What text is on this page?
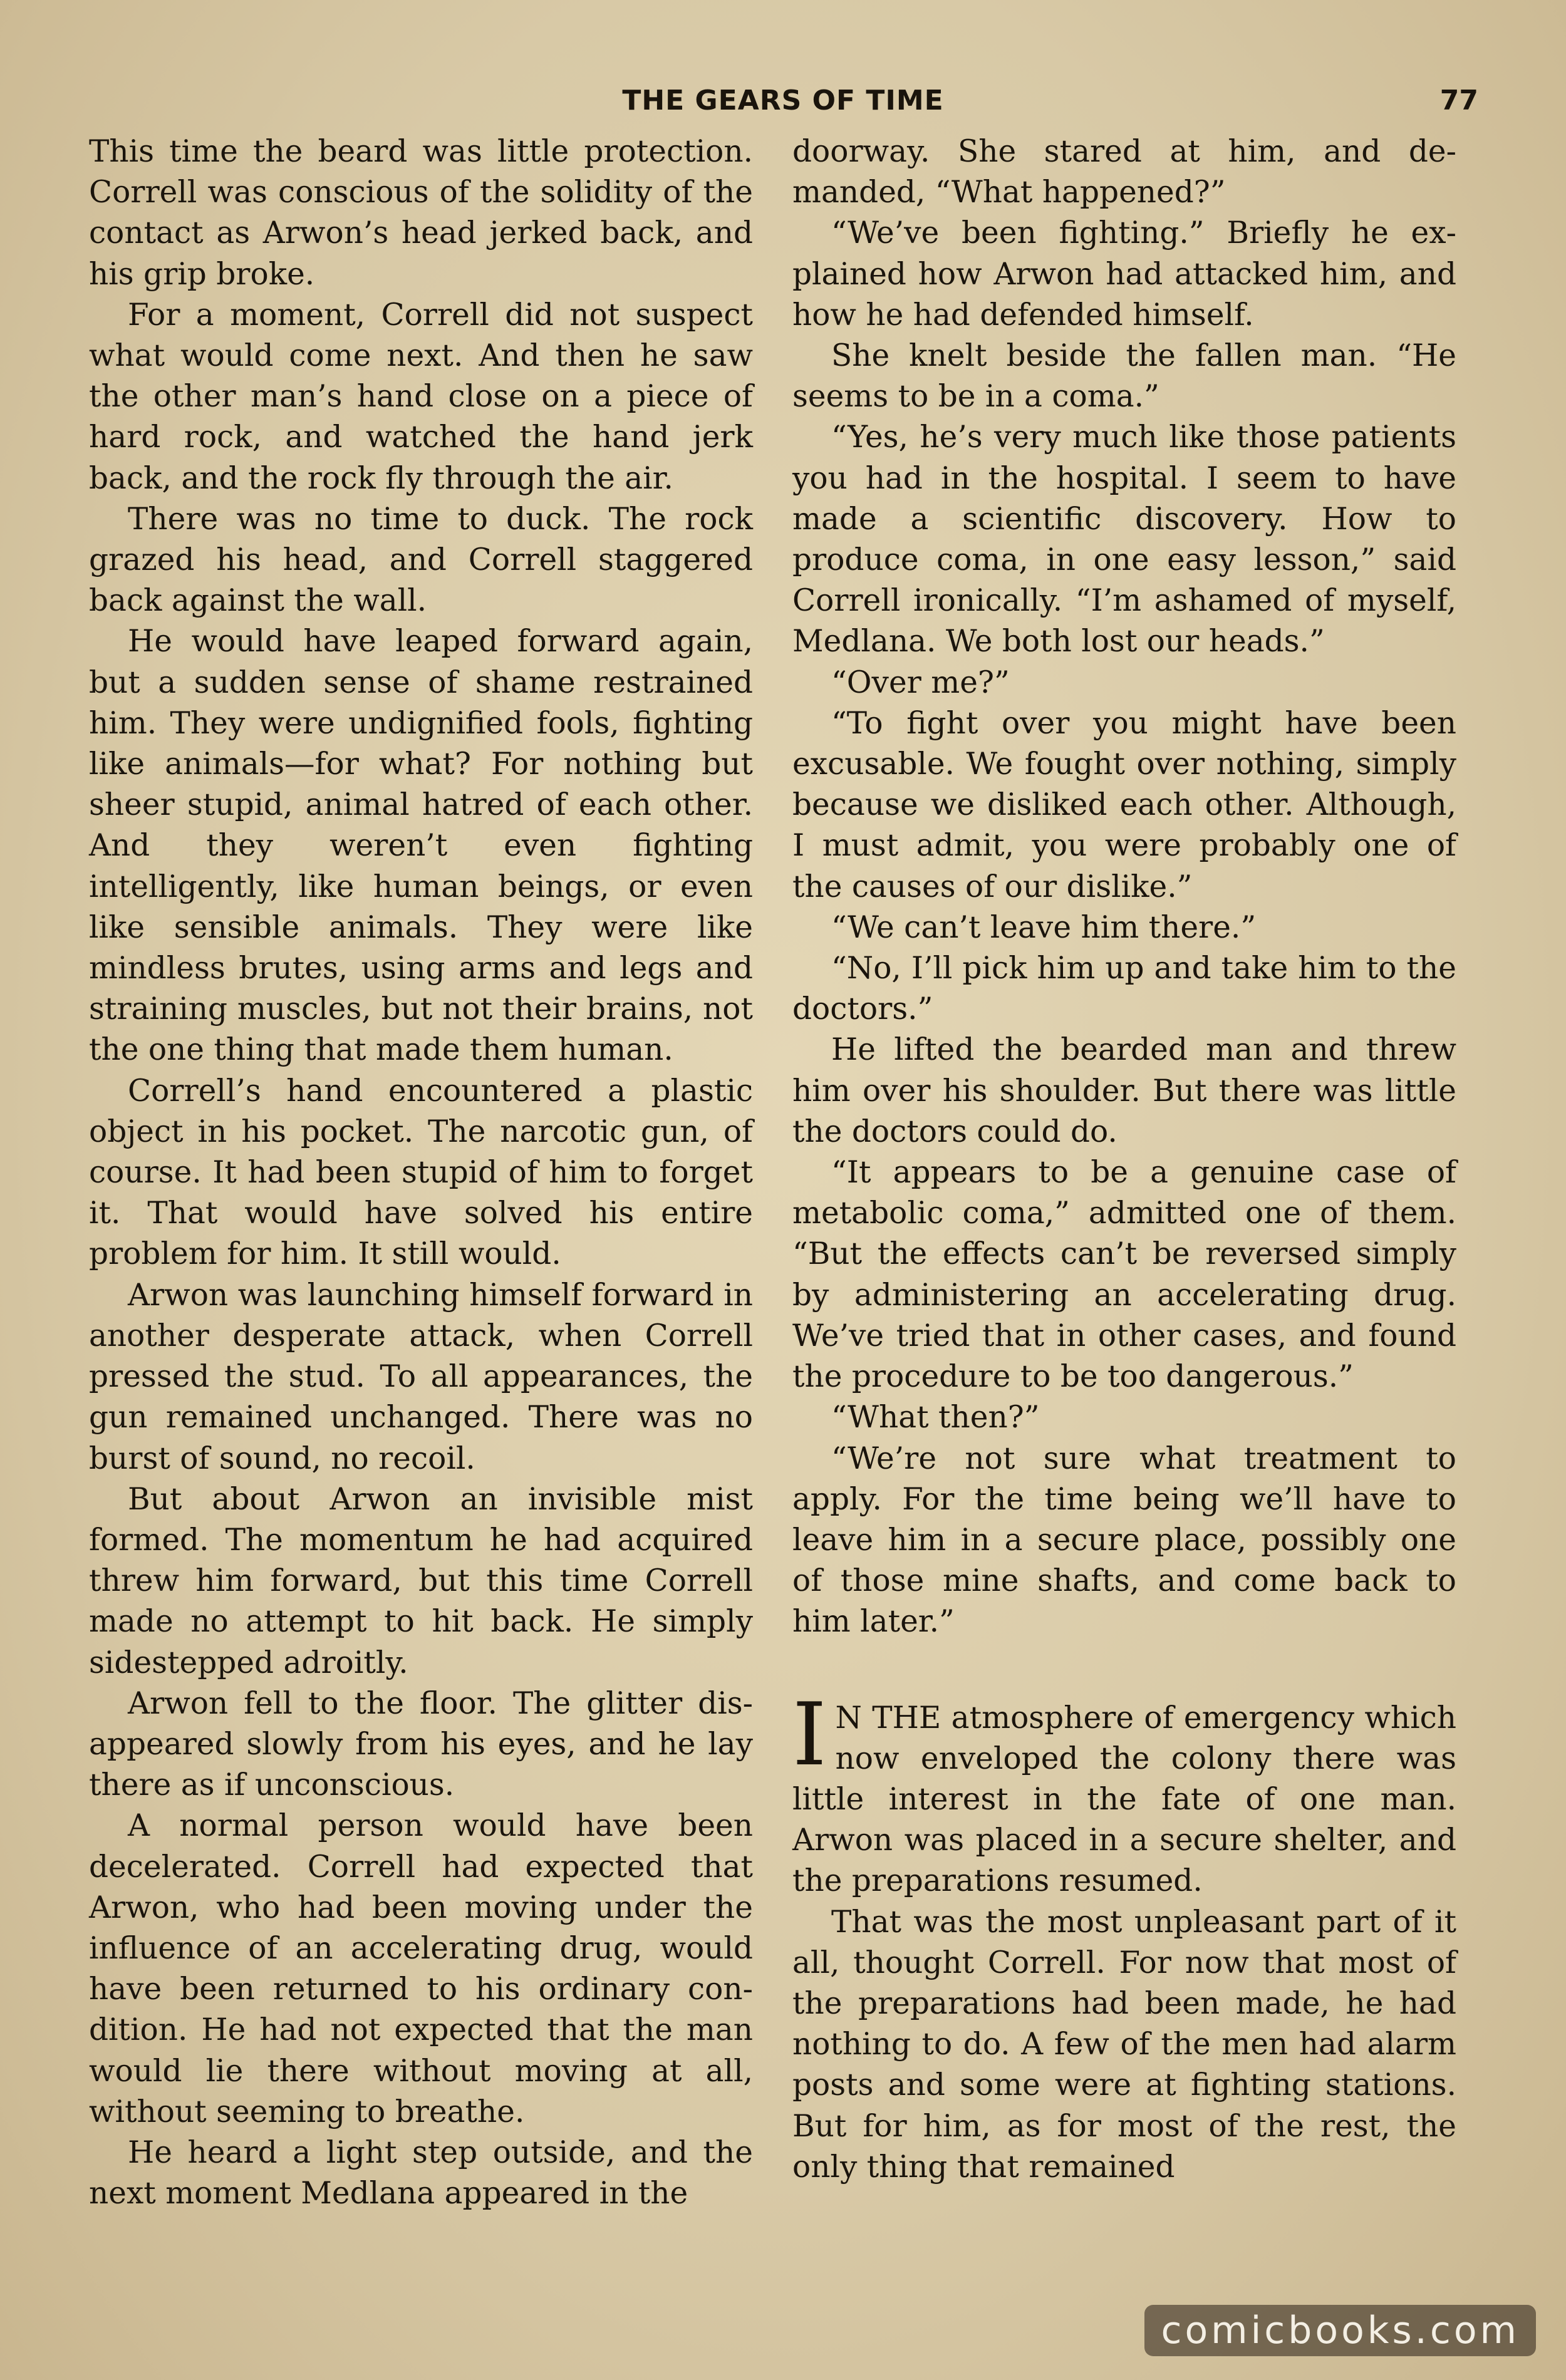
THE GEARS OF TIME	77

This time the beard was little protection. Correll was conscious of the solidity of the contact as Arwon’s head jerked back, and his grip broke.

For a moment, Correll did not suspect what would come next. And then he saw the other man’s hand close on a piece of hard rock, and watched the hand jerk back, and the rock fly through the air.

There was no time to duck. The rock grazed his head, and Correll staggered back against the wall.

He would have leaped forward again, but a sudden sense of shame restrained him. They were undignified fools, fighting like animals—for what? For nothing but sheer stupid, animal hatred of each other. And they weren’t even fighting intelligently, like human beings, or even like sensible animals. They were like mindless brutes, using arms and legs and straining muscles, but not their brains, not the one thing that made them human.

Correll’s hand encountered a plastic object in his pocket. The narcotic gun, of course. It had been stupid of him to forget it. That would have solved his entire problem for him. It still would.

Arwon was launching himself forward in another desperate attack, when Correll pressed the stud. To all appearances, the gun remained unchanged. There was no burst of sound, no recoil.

But about Arwon an invisible mist formed. The momentum he had acquired threw him forward, but this time Correll made no attempt to hit back. He simply sidestepped adroitly.

Arwon fell to the floor. The glitter disappeared slowly from his eyes, and he lay there as if unconscious.

A normal person would have been decelerated. Correll had expected that Arwon, who had been moving under the influence of an accelerating drug, would have been returned to his ordinary condition. He had not expected that the man would lie there without moving at all, without seeming to breathe.

He heard a light step outside, and the next moment Medlana appeared in the

doorway. She stared at him, and demanded, “What happened?”

“We’ve been fighting.” Briefly he explained how Arwon had attacked him, and how he had defended himself.

She knelt beside the fallen man. “He seems to be in a coma.”

“Yes, he’s very much like those patients you had in the hospital. I seem to have made a scientific discovery. How to produce coma, in one easy lesson,” said Correll ironically. “I’m ashamed of myself, Medlana. We both lost our heads.”

“Over me?”

“To fight over you might have been excusable. We fought over nothing, simply because we disliked each other. Although, I must admit, you were probably one of the causes of our dislike.”

“We can’t leave him there.”

“No, I’ll pick him up and take him to the doctors.”

He lifted the bearded man and threw him over his shoulder. But there was little the doctors could do.

“It appears to be a genuine case of metabolic coma,” admitted one of them. “But the effects can’t be reversed simply by administering an accelerating drug. We’ve tried that in other cases, and found the procedure to be too dangerous.”

“What then?”

“We’re not sure what treatment to apply. For the time being we’ll have to leave him in a secure place, possibly one of those mine shafts, and come back to him later.”

I N THE atmosphere of emergency which now enveloped the colony there was little interest in the fate of one man. Arwon was placed in a secure shelter, and the preparations resumed.

That was the most unpleasant part of it all, thought Correll. For now that most of the preparations had been made, he had nothing to do. A few of the men had alarm posts and some were at fighting stations. But for him, as for most of the rest, the only thing that remained

comicbooks.com
